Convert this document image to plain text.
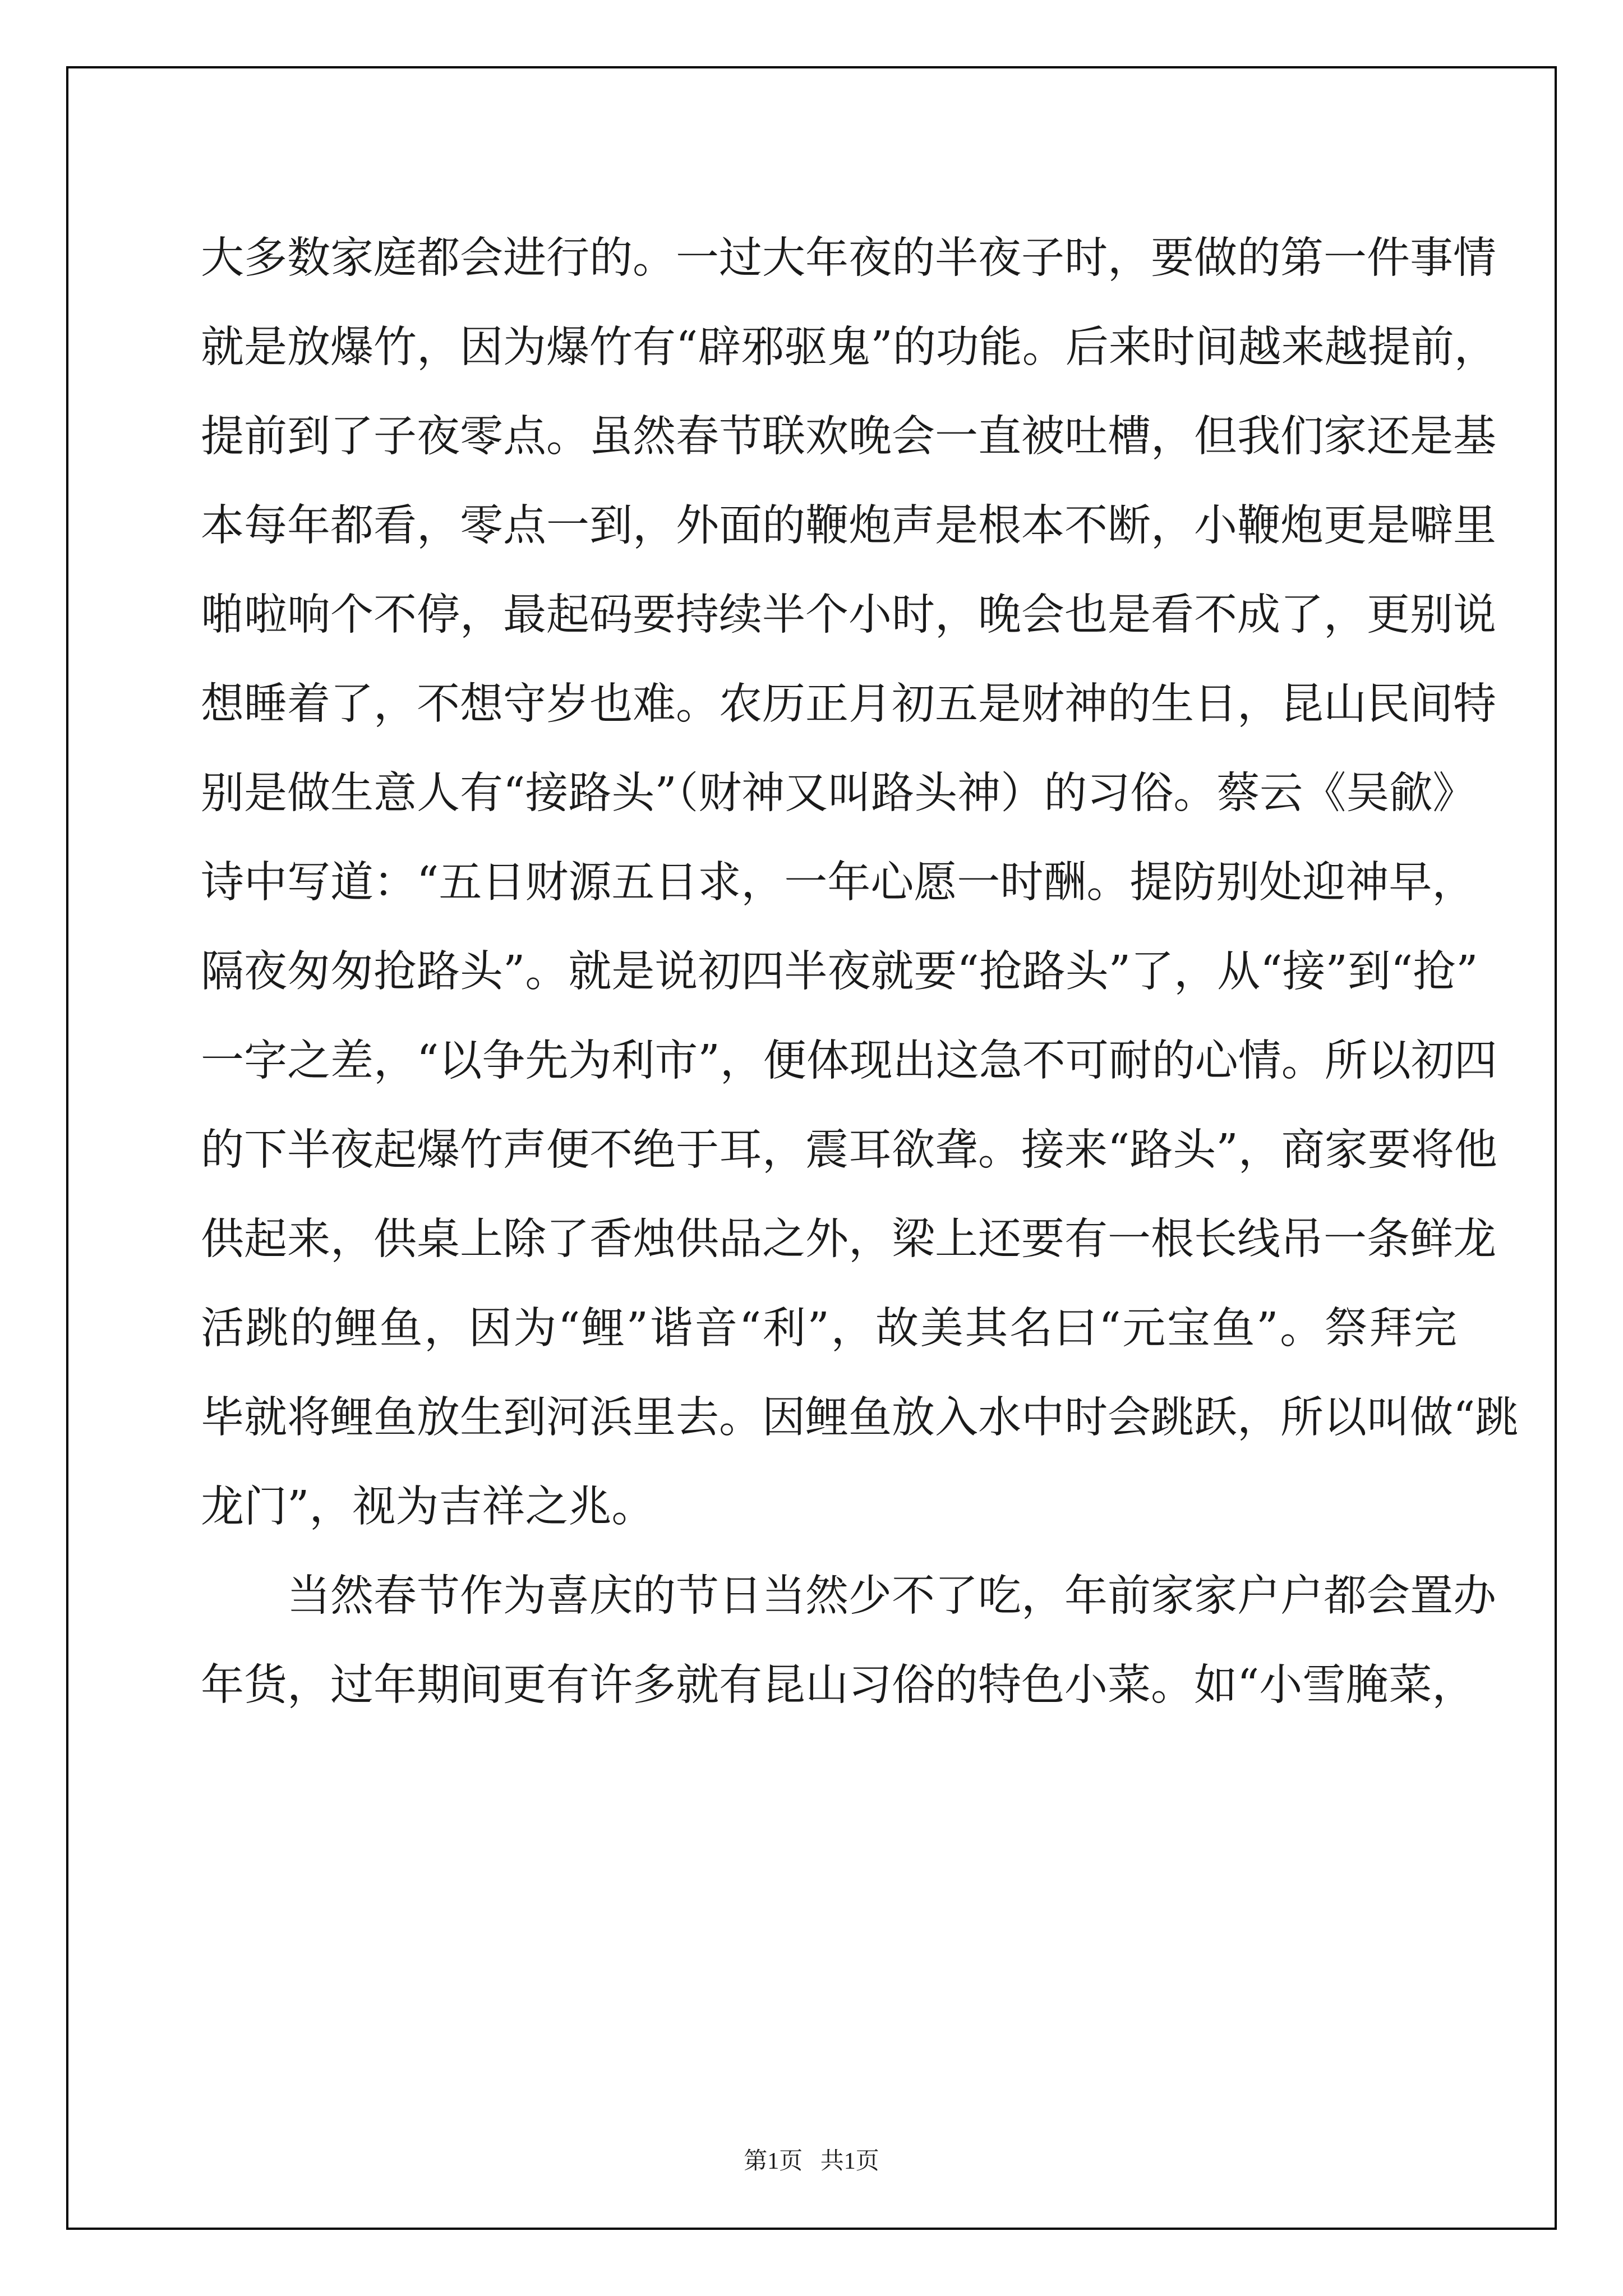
大多数家庭都会进行的。一过大年夜的半夜子时，要做的第一件事情
就是放爆竹，因为爆竹有“辟邪驱鬼”的功能。后来时间越来越提前，
提前到了子夜零点。虽然春节联欢晚会一直被吐槽，但我们家还是基
本每年都看，零点一到，外面的鞭炮声是根本不断，小鞭炮更是噼里
啪啦响个不停，最起码要持续半个小时，晚会也是看不成了，更别说
想睡着了，不想守岁也难。农历正月初五是财神的生日，昆山民间特
别是做生意人有“接路头”（财神又叫路头神）的习俗。蔡云《吴歈》
诗中写道：“五日财源五日求，一年心愿一时酬。提防别处迎神早，
隔夜匆匆抢路头”。就是说初四半夜就要“抢路头”了，从“接”到“抢”
一字之差，“以争先为利市”，便体现出这急不可耐的心情。所以初四
的下半夜起爆竹声便不绝于耳，震耳欲聋。接来“路头”，商家要将他
供起来，供桌上除了香烛供品之外，梁上还要有一根长线吊一条鲜龙
活跳的鲤鱼，因为“鲤”谐音“利”，故美其名曰“元宝鱼”。祭拜完
毕就将鲤鱼放生到河浜里去。因鲤鱼放入水中时会跳跃，所以叫做“跳
龙门”，视为吉祥之兆。
当然春节作为喜庆的节日当然少不了吃，年前家家户户都会置办
年货，过年期间更有许多就有昆山习俗的特色小菜。如“小雪腌菜，
第1页   共1页
